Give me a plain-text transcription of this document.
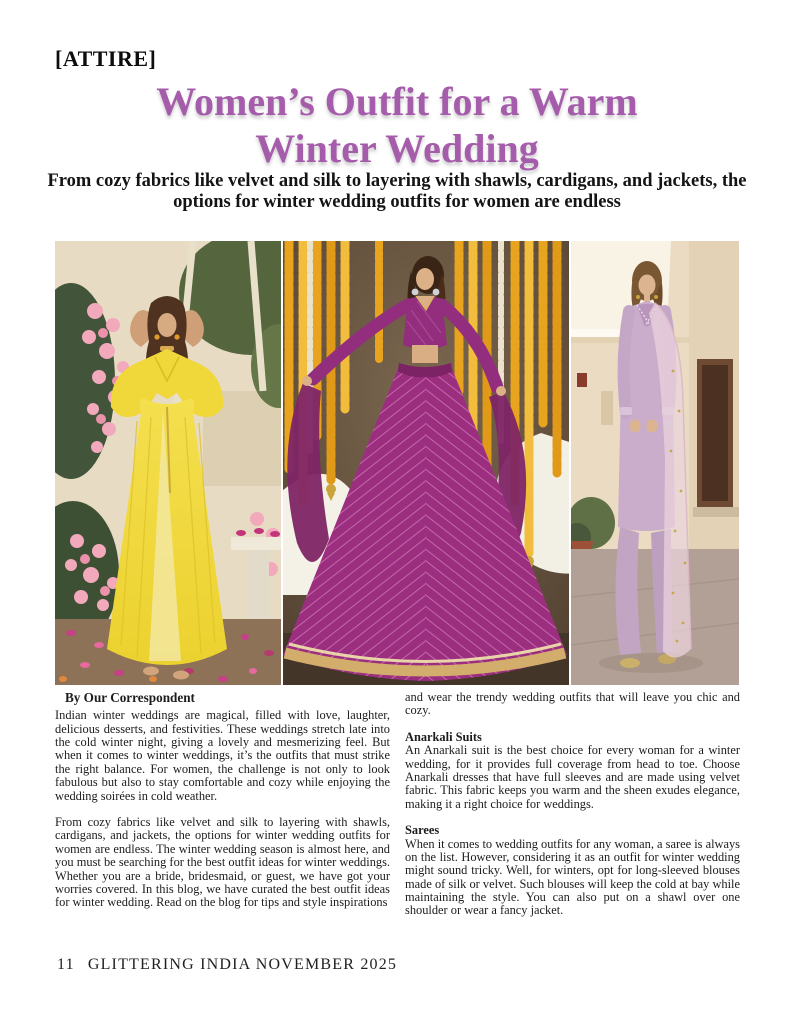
[ATTIRE]
Women’s Outfit for a Warm
Winter Wedding
From cozy fabrics like velvet and silk to layering with shawls, cardigans, and jackets, the options for winter wedding outfits for women are endless
By Our Correspondent

Indian winter weddings are magical, filled with love, laughter, delicious desserts, and festivities. These weddings stretch late into the cold winter night, giving a lovely and mesmerizing feel. But when it comes to winter weddings, it’s the outfits that must strike the right balance. For women, the challenge is not only to look fabulous but also to stay comfortable and cozy while enjoying the wedding soirées in cold weather.

From cozy fabrics like velvet and silk to layering with shawls, cardigans, and jackets, the options for winter wedding outfits for women are endless. The winter wedding season is almost here, and you must be searching for the best outfit ideas for winter weddings. Whether you are a bride, bridesmaid, or guest, we have got your worries covered. In this blog, we have curated the best outfit ideas for winter wedding. Read on the blog for tips and style inspirations

and wear the trendy wedding outfits that will leave you chic and cozy.

Anarkali Suits

An Anarkali suit is the best choice for every woman for a winter wedding, for it provides full coverage from head to toe. Choose Anarkali dresses that have full sleeves and are made using velvet fabric. This fabric keeps you warm and the sheen exudes elegance, making it a right choice for weddings.

Sarees

When it comes to wedding outfits for any woman, a saree is always on the list. However, considering it as an outfit for winter wedding might sound tricky. Well, for winters, opt for long-sleeved blouses made of silk or velvet. Such blouses will keep the cold at bay while maintaining the style. You can also put on a shawl over one shoulder or wear a fancy jacket.

11 GLITTERING INDIA NOVEMBER 2025
